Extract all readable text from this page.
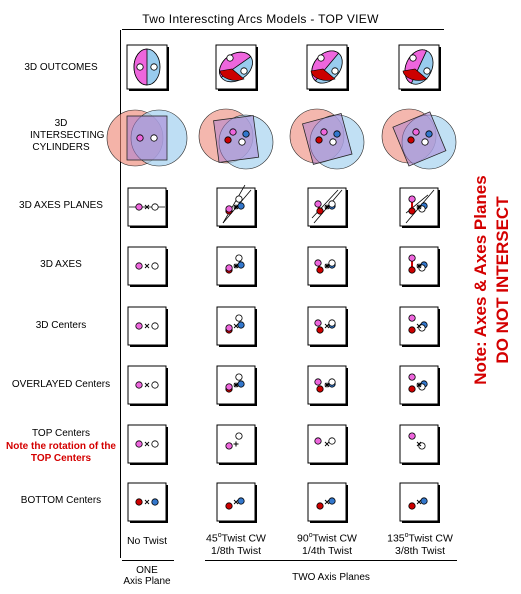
Two Interescting Arcs Models - TOP VIEW
3D OUTCOMES
3D INTERSECTING CYLINDERS
3D AXES PLANES
3D AXES
3D Centers
OVERLAYED Centers
TOP Centers
Note the rotation of the TOP Centers
BOTTOM Centers
No Twist	45$^o$Twist CW
1/8th Twist
90$^o$Twist CW
1/4th Twist
135$^o$Twist CW
3/8th Twist
ONE
Axis Plane	TWO Axis Planes
Note: Axes & Axes Planes DO NOT INTERSECT
